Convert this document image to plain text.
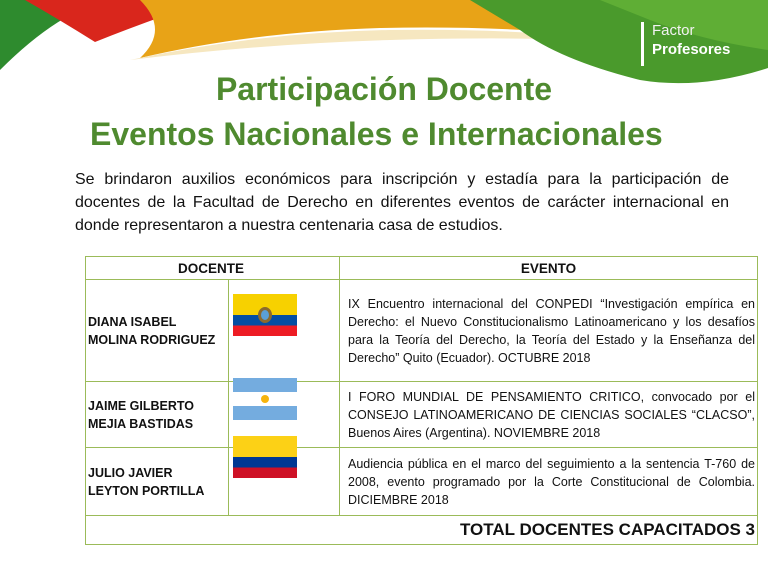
Factor
Profesores
Participación Docente
Eventos Nacionales e Internacionales
Se brindaron auxilios económicos para inscripción y estadía para la participación de docentes de la Facultad de Derecho en diferentes eventos de carácter internacional en donde representaron a nuestra centenaria casa de estudios.
DOCENTE		EVENTO

DIANA ISABEL
MOLINA RODRIGUEZ		IX Encuentro internacional del CONPEDI “Investigación empírica en Derecho: el Nuevo Constitucionalismo Latinoamericano y los desafíos para la Teoría del Derecho, la Teoría del Estado y la Enseñanza del Derecho” Quito (Ecuador). OCTUBRE 2018

JAIME GILBERTO
MEJIA BASTIDAS		I FORO MUNDIAL DE PENSAMIENTO CRITICO, convocado por el CONSEJO LATINOAMERICANO DE CIENCIAS SOCIALES “CLACSO”, Buenos Aires (Argentina). NOVIEMBRE 2018

JULIO JAVIER
LEYTON PORTILLA		Audiencia pública en el marco del seguimiento a la sentencia T-760 de 2008, evento programado por la Corte Constitucional de Colombia. DICIEMBRE 2018
TOTAL DOCENTES CAPACITADOS 3		
